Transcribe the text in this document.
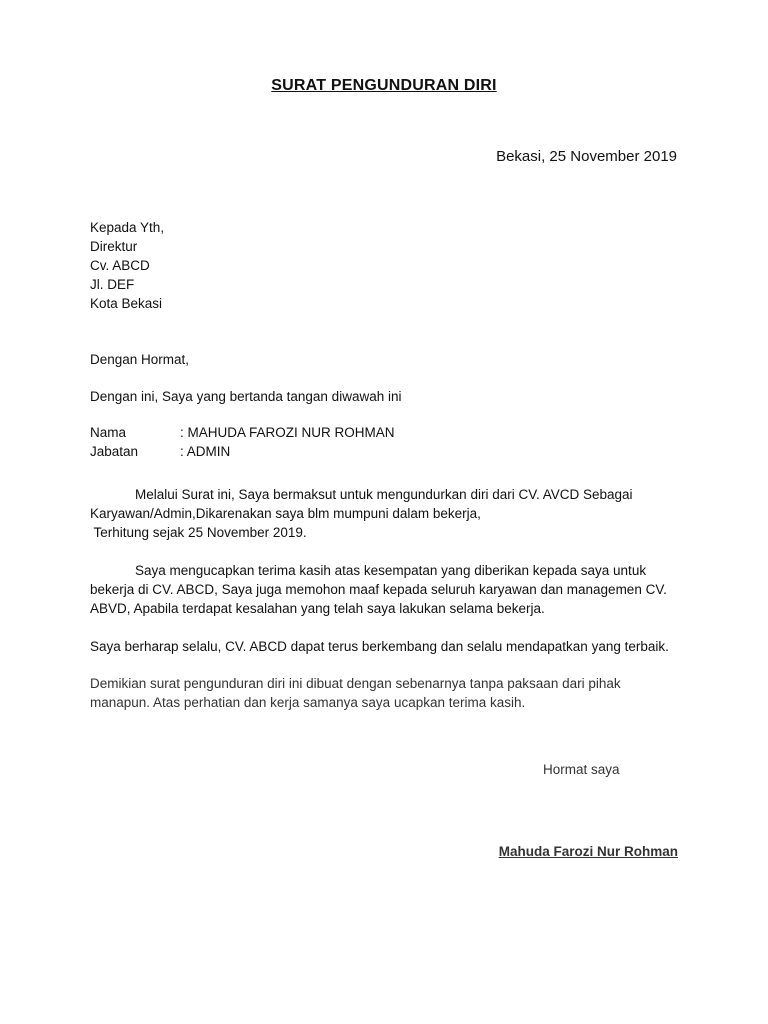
SURAT PENGUNDURAN DIRI
Bekasi, 25 November 2019
Kepada Yth,
Direktur
Cv. ABCD
Jl. DEF
Kota Bekasi
Dengan Hormat,
Dengan ini, Saya yang bertanda tangan diwawah ini
Nama	: MAHUDA FAROZI NUR ROHMAN
Jabatan	: ADMIN
Melalui Surat ini, Saya bermaksut untuk mengundurkan diri dari CV. AVCD Sebagai
Karyawan/Admin,Dikarenakan saya blm mumpuni dalam bekerja,
Terhitung sejak 25 November 2019.
Saya mengucapkan terima kasih atas kesempatan yang diberikan kepada saya untuk
bekerja di CV. ABCD, Saya juga memohon maaf kepada seluruh karyawan dan managemen CV.
ABVD, Apabila terdapat kesalahan yang telah saya lakukan selama bekerja.
Saya berharap selalu, CV. ABCD dapat terus berkembang dan selalu mendapatkan yang terbaik.
Demikian surat pengunduran diri ini dibuat dengan sebenarnya tanpa paksaan dari pihak
manapun. Atas perhatian dan kerja samanya saya ucapkan terima kasih.
Hormat saya
Mahuda Farozi Nur Rohman
